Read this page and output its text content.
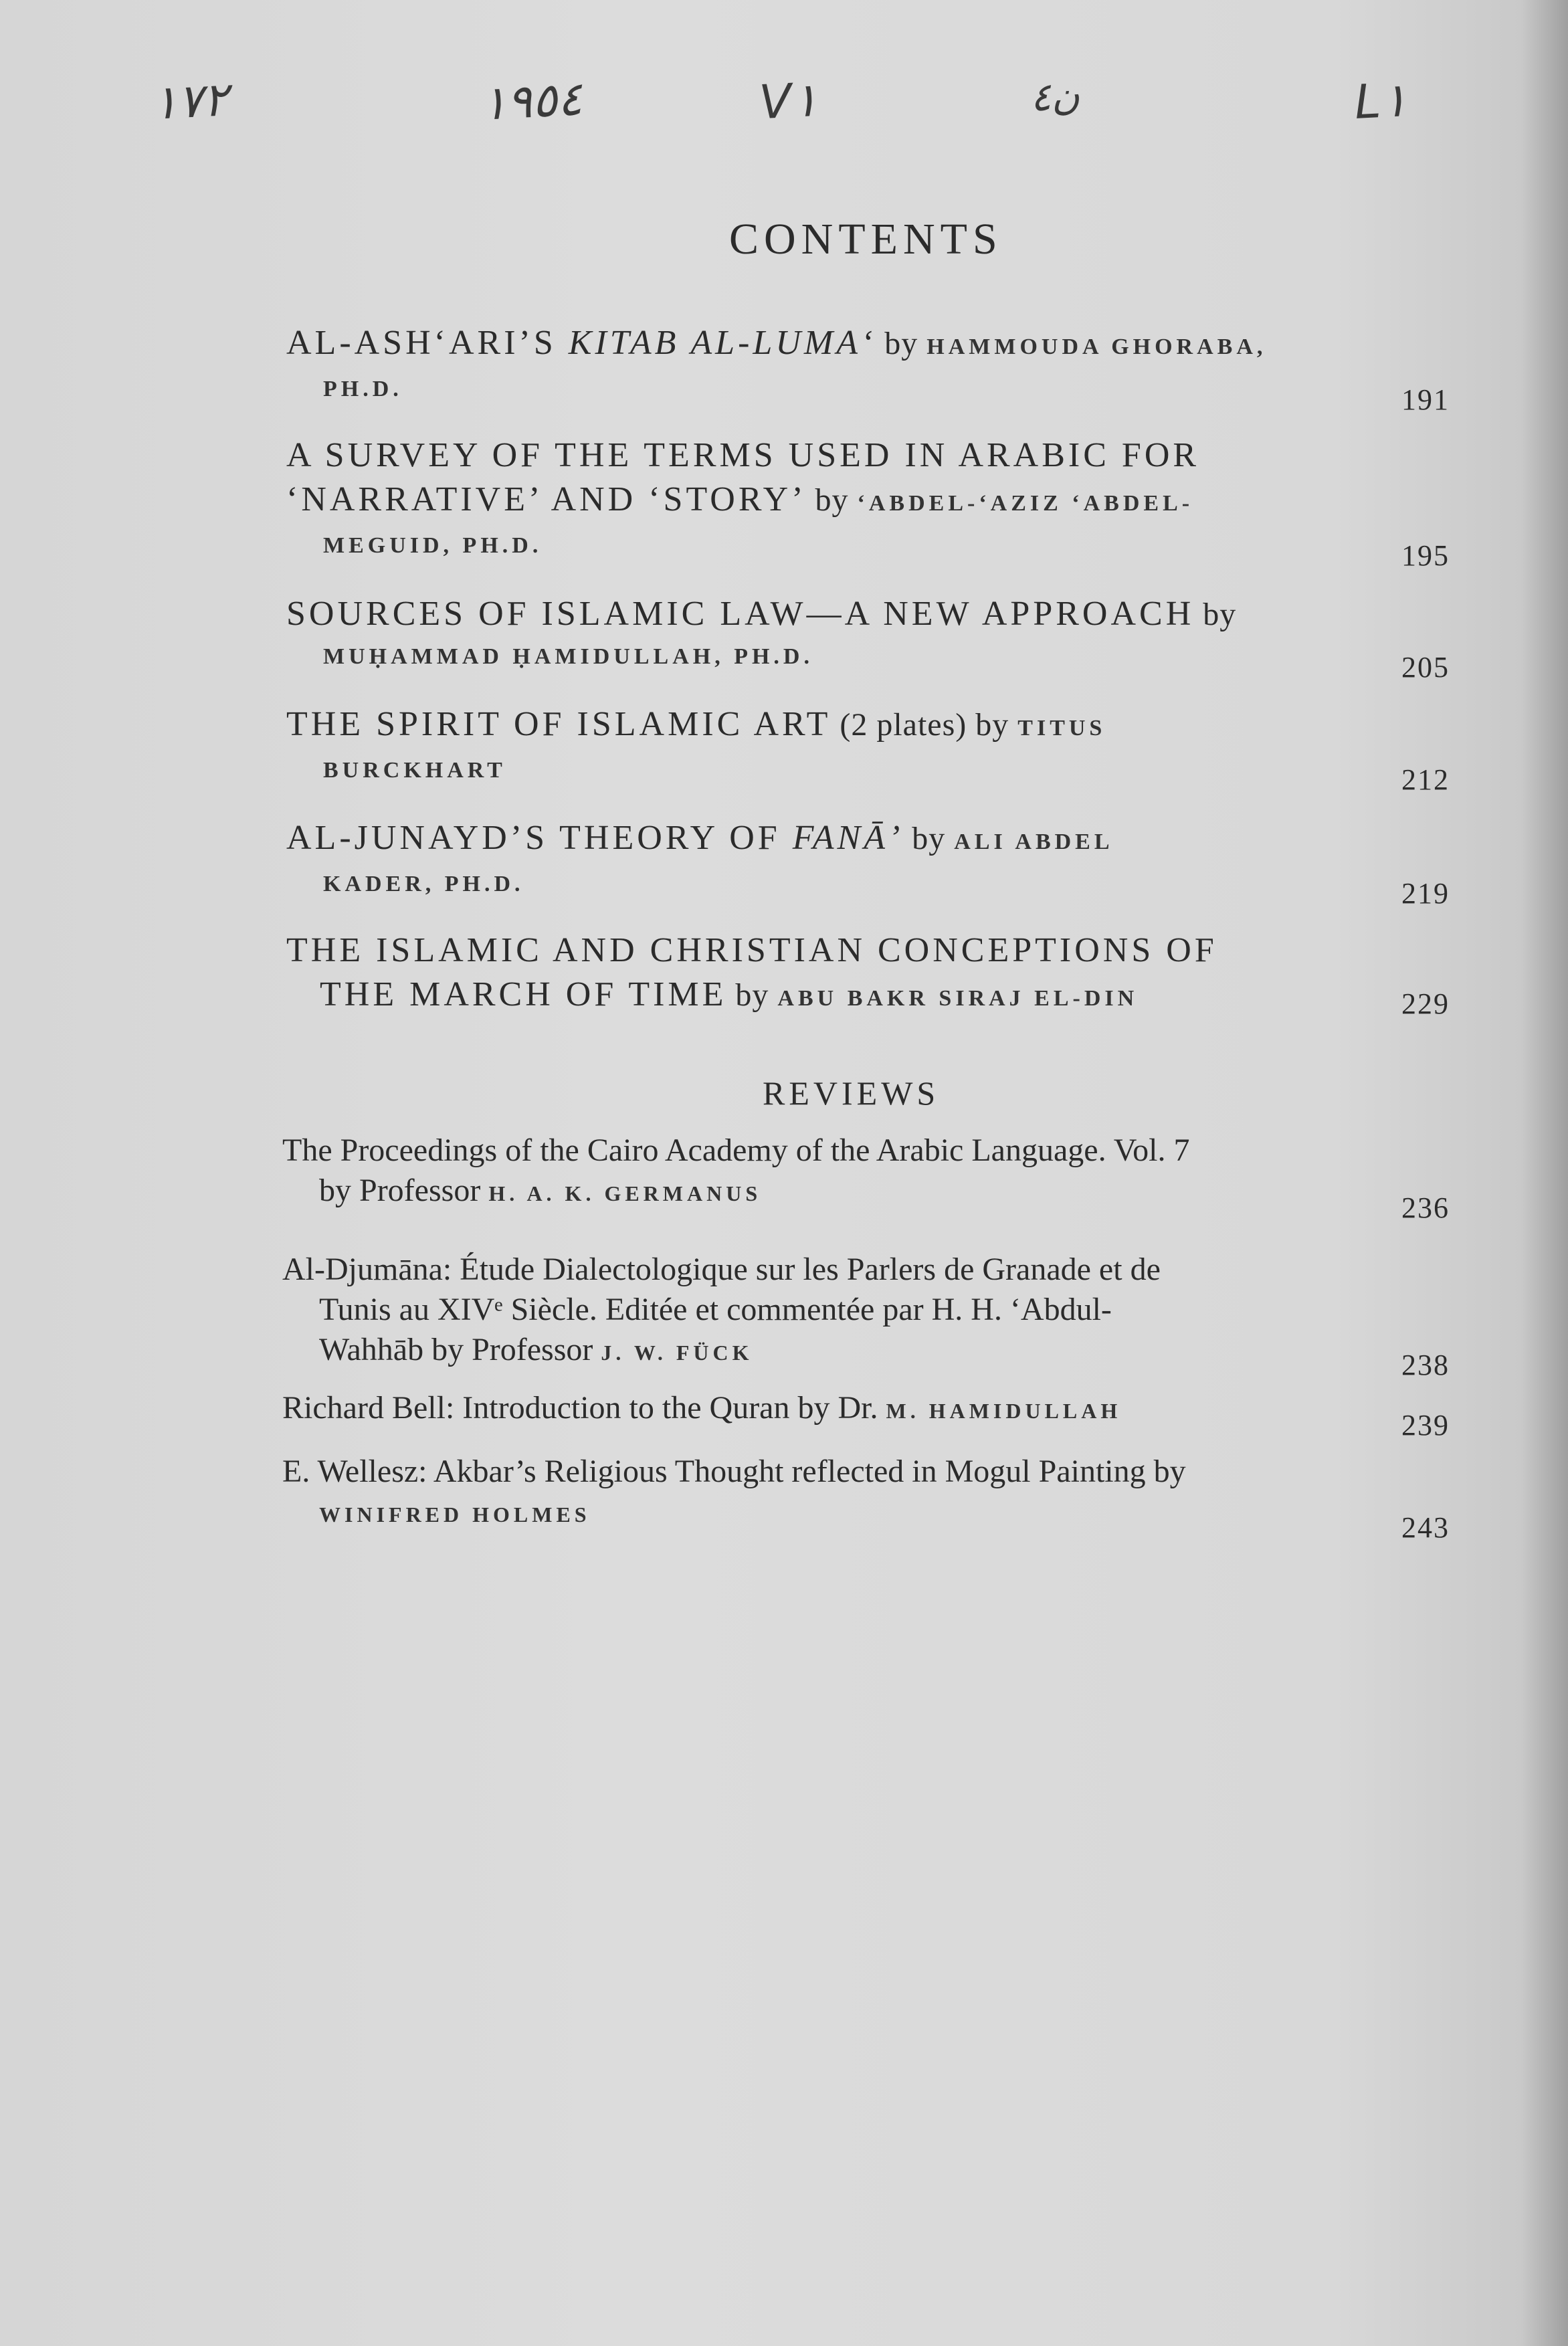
١٧٢	١٩٥٤	V١	ن٤	L١
CONTENTS
AL-ASH‘ARI’S KITAB AL-LUMA‘ by HAMMOUDA GHORABA,
PH.D.	191
A SURVEY OF THE TERMS USED IN ARABIC FOR
‘NARRATIVE’ AND ‘STORY’ by ‘ABDEL-‘AZIZ ‘ABDEL-
MEGUID, PH.D.	195
SOURCES OF ISLAMIC LAW—A NEW APPROACH by
MUḤAMMAD ḤAMIDULLAH, PH.D.	205
THE SPIRIT OF ISLAMIC ART (2 plates) by TITUS
BURCKHART	212
AL-JUNAYD’S THEORY OF FANĀ’ by ALI ABDEL
KADER, PH.D.	219
THE ISLAMIC AND CHRISTIAN CONCEPTIONS OF
THE MARCH OF TIME by ABU BAKR SIRAJ EL-DIN	229
REVIEWS
The Proceedings of the Cairo Academy of the Arabic Language. Vol. 7
by Professor H. A. K. GERMANUS	236
Al-Djumāna: Étude Dialectologique sur les Parlers de Granade et de
Tunis au XIVᵉ Siècle. Editée et commentée par H. H. ‘Abdul-
Wahhāb by Professor J. W. FÜCK	238
Richard Bell: Introduction to the Quran by Dr. M. HAMIDULLAH	239
E. Wellesz: Akbar’s Religious Thought reflected in Mogul Painting by
WINIFRED HOLMES	243
